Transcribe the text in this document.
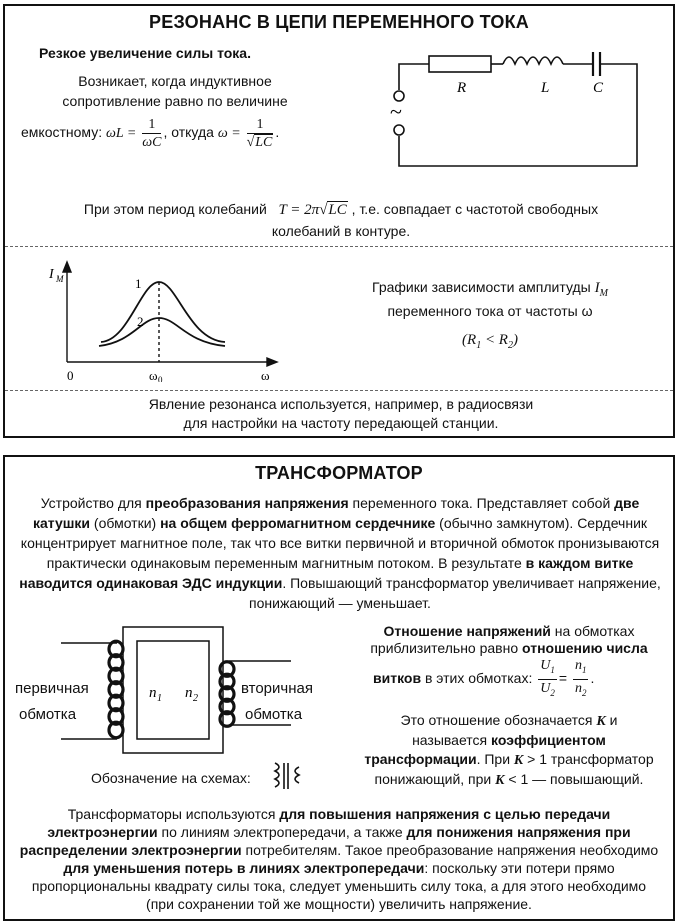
РЕЗОНАНС В ЦЕПИ ПЕРЕМЕННОГО ТОКА
Резкое увеличение силы тока.
Возникает, когда индуктивное
сопротивление равно по величине
емкостному: $\omega L = \frac{1}{\omega C}$ , откуда $\omega = \frac{1}{√LC}$ .
R	L	C
~
При этом период колебаний T = 2π√LC , т.е. совпадает с частотой свободных
колебаний в контуре.
I M	1
2
0	ω 0	ω
Графики зависимости амплитуды $I_M$
переменного тока от частоты ω
$(R_1 < R_2)$
Явление резонанса используется, например, в радиосвязи
для настройки на частоту передающей станции.
ТРАНСФОРМАТОР
Устройство для преобразования напряжения переменного тока. Представляет собой две катушки (обмотки) на общем ферромагнитном сердечнике (обычно замкнутом). Сердечник концентрирует магнитное поле, так что все витки первичной и вторичной обмоток пронизываются практически одинаковым переменным магнитным потоком. В результате в каждом витке наводится одинаковая ЭДС индукции. Повышающий трансформатор увеличивает напряжение, понижающий — уменьшает.
n 1 n 2
первичная
обмотка
вторичная
обмотка
Обозначение на схемах:
Отношение напряжений на обмотках
приблизительно равно отношению числа
витков в этих обмотках: $\frac{U_1}{U_2} = \frac{n_1}{n_2}$ .
Это отношение обозначается K и
называется коэффициентом
трансформации. При K > 1 трансформатор
понижающий, при K < 1 — повышающий.
Трансформаторы используются для повышения напряжения с целью передачи электроэнергии по линиям электропередачи, а также для понижения напряжения при распределении электроэнергии потребителям. Такое преобразование напряжения необходимо для уменьшения потерь в линиях электропередачи: поскольку эти потери прямо пропорциональны квадрату силы тока, следует уменьшить силу тока, а для этого необходимо (при сохранении той же мощности) увеличить напряжение.
